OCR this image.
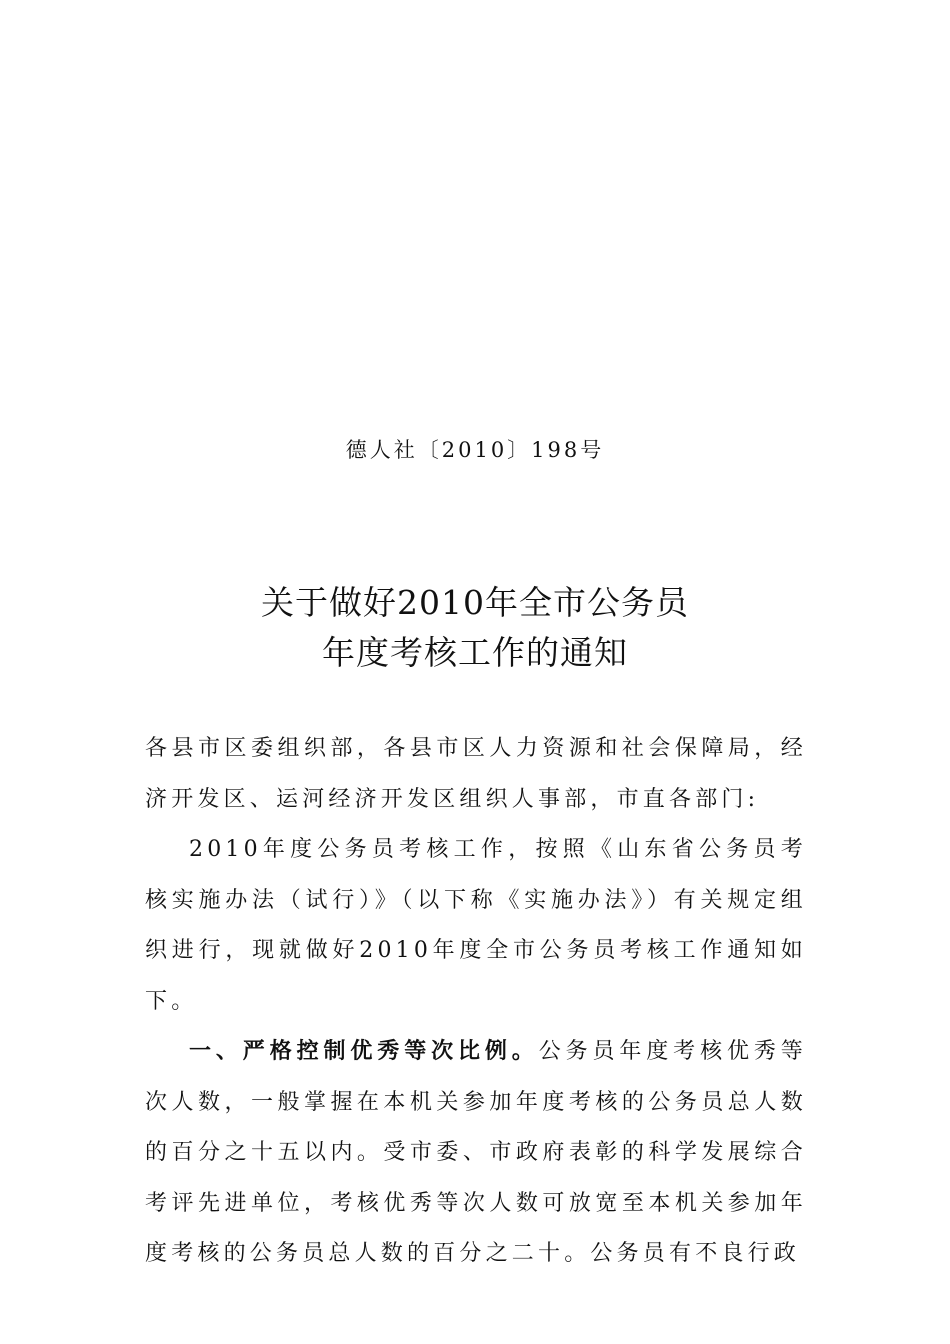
德人社〔2010〕198号
关于做好2010年全市公务员
年度考核工作的通知

各县市区委组织部，各县市区人力资源和社会保障局，经济开发区、运河经济开发区组织人事部，市直各部门:

2010年度公务员考核工作，按照《山东省公务员考核实施办法（试行）》（以下称《实施办法》）有关规定组织进行，现就做好2010年度全市公务员考核工作通知如下。

一、严格控制优秀等次比例。公务员年度考核优秀等次人数，一般掌握在本机关参加年度考核的公务员总人数的百分之十五以内。受市委、市政府表彰的科学发展综合考评先进单位，考核优秀等次人数可放宽至本机关参加年度考核的公务员总人数的百分之二十。公务员有不良行政
